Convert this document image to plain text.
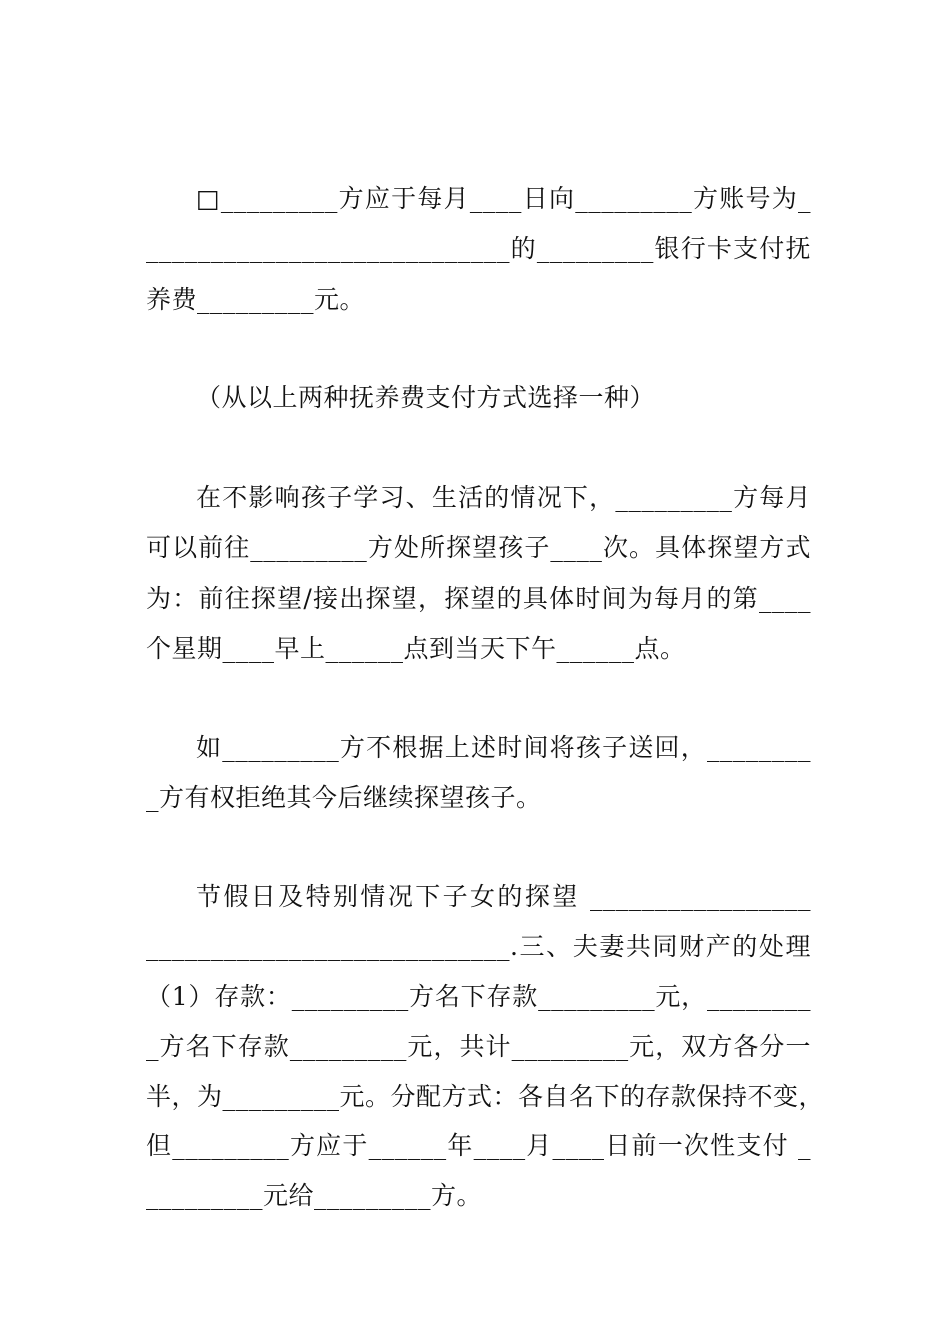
□_________方应于每月____日向_________方账号为_
____________________________的_________银行卡支付抚
养费_________元。
（从以上两种抚养费支付方式选择一种）
在不影响孩子学习、生活的情况下，_________方每月
可以前往_________方处所探望孩子____次。具体探望方式
为：前往探望/接出探望，探望的具体时间为每月的第____
个星期____早上______点到当天下午______点。
如_________方不根据上述时间将孩子送回，________
_方有权拒绝其今后继续探望孩子。
节假日及特别情况下子女的探望 _________________
____________________________.三、夫妻共同财产的处理
（1）存款：_________方名下存款_________元，________
_方名下存款_________元，共计_________元，双方各分一
半，为_________元。分配方式：各自名下的存款保持不变，
但_________方应于______年____月____日前一次性支付 _
_________元给_________方。
